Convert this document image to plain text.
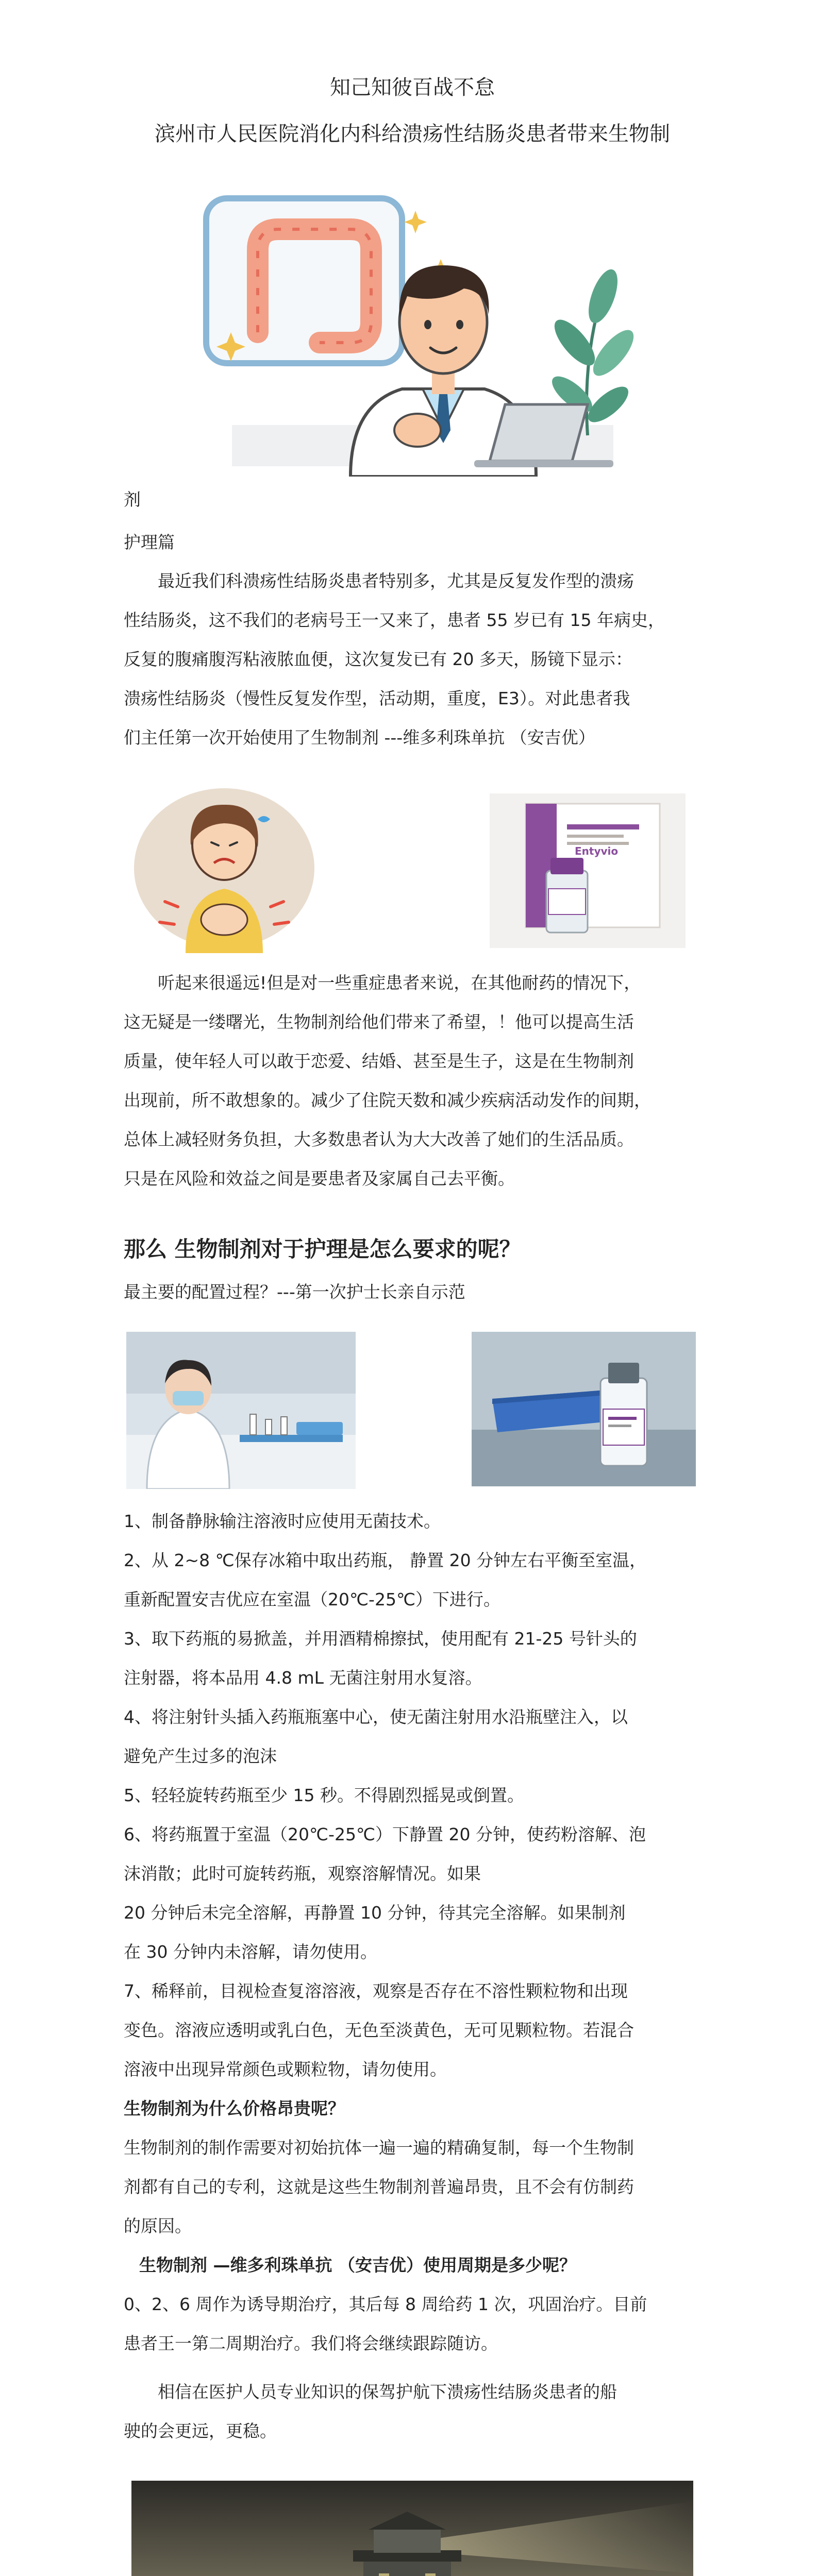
知己知彼百战不怠
滨州市人民医院消化内科给溃疡性结肠炎患者带来生物制
剂
护理篇
最近我们科溃疡性结肠炎患者特别多，尤其是反复发作型的溃疡
性结肠炎，这不我们的老病号王一又来了，患者 55 岁已有 15 年病史，
反复的腹痛腹泻粘液脓血便，这次复发已有 20 多天，肠镜下显示：
溃疡性结肠炎（慢性反复发作型，活动期，重度，E3）。对此患者我
们主任第一次开始使用了生物制剂 ---维多利珠单抗 （安吉优）
Entyvio
听起来很遥远!但是对一些重症患者来说，在其他耐药的情况下，
这无疑是一缕曙光，生物制剂给他们带来了希望，！他可以提高生活
质量，使年轻人可以敢于恋爱、结婚、甚至是生子，这是在生物制剂
出现前，所不敢想象的。减少了住院天数和减少疾病活动发作的间期，
总体上减轻财务负担，大多数患者认为大大改善了她们的生活品质。
只是在风险和效益之间是要患者及家属自己去平衡。
那么 生物制剂对于护理是怎么要求的呢？
最主要的配置过程？---第一次护士长亲自示范
1、制备静脉输注溶液时应使用无菌技术。
2、从 2~8 ℃保存冰箱中取出药瓶， 静置 20 分钟左右平衡至室温，
重新配置安吉优应在室温（20℃-25℃）下进行。
3、取下药瓶的易掀盖，并用酒精棉擦拭，使用配有 21-25 号针头的
注射器，将本品用 4.8 mL 无菌注射用水复溶。
4、将注射针头插入药瓶瓶塞中心，使无菌注射用水沿瓶壁注入，以
避免产生过多的泡沫
5、轻轻旋转药瓶至少 15 秒。不得剧烈摇晃或倒置。
6、将药瓶置于室温（20℃-25℃）下静置 20 分钟，使药粉溶解、泡
沫消散；此时可旋转药瓶，观察溶解情况。如果
20 分钟后未完全溶解，再静置 10 分钟，待其完全溶解。如果制剂
在 30 分钟内未溶解，请勿使用。
7、稀释前，目视检查复溶溶液，观察是否存在不溶性颗粒物和出现
变色。溶液应透明或乳白色，无色至淡黄色，无可见颗粒物。若混合
溶液中出现异常颜色或颗粒物，请勿使用。
生物制剂为什么价格昂贵呢？
生物制剂的制作需要对初始抗体一遍一遍的精确复制，每一个生物制
剂都有自己的专利，这就是这些生物制剂普遍昂贵，且不会有仿制药
的原因。
生物制剂 —维多利珠单抗 （安吉优）使用周期是多少呢？
0、2、6 周作为诱导期治疗，其后每 8 周给药 1 次，巩固治疗。目前
患者王一第二周期治疗。我们将会继续跟踪随访。
相信在医护人员专业知识的保驾护航下溃疡性结肠炎患者的船
驶的会更远，更稳。
